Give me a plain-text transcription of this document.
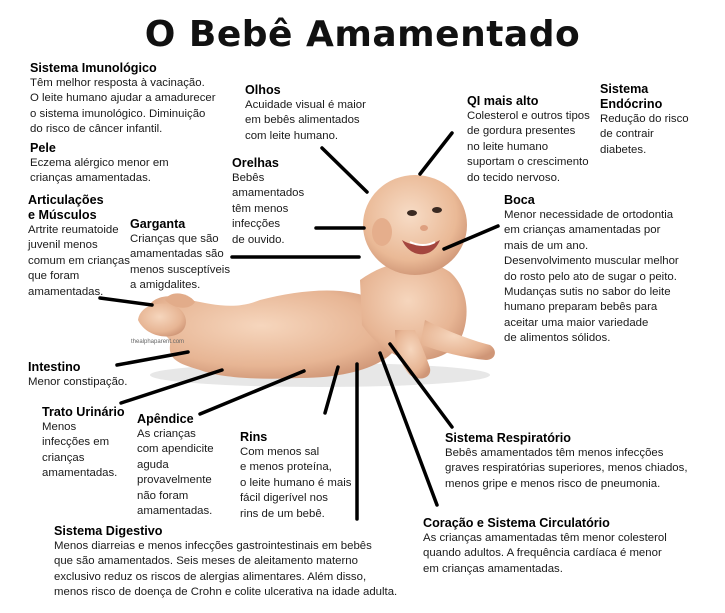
O Bebê Amamentado
thealphaparent.com
Sistema Imunológico
Têm melhor resposta à vacinação.
O leite humano ajudar a amadurecer
o sistema imunológico. Diminuição
do risco de câncer infantil.
Pele
Eczema alérgico menor em
crianças amamentadas.
Articulações
e Músculos
Artrite reumatoide
juvenil menos
comum em crianças
que foram
amamentadas.
Garganta
Crianças que são
amamentadas são
menos susceptíveis
a amigdalites.
Olhos
Acuidade visual é maior
em bebês alimentados
com leite humano.
Orelhas
Bebês
amamentados
têm menos
infecções
de ouvido.
QI mais alto
Colesterol e outros tipos
de gordura presentes
no leite humano
suportam o crescimento
do tecido nervoso.
Sistema
Endócrino
Redução do risco
de contrair
diabetes.
Boca
Menor necessidade de ortodontia
em crianças amamentadas por
mais de um ano.
Desenvolvimento muscular melhor
do rosto pelo ato de sugar o peito.
Mudanças sutis no sabor do leite
humano preparam bebês para
aceitar uma maior variedade
de alimentos sólidos.
Intestino
Menor constipação.
Trato Urinário
Menos
infecções em
crianças
amamentadas.
Apêndice
As crianças
com apendicite
aguda
provavelmente
não foram
amamentadas.
Rins
Com menos sal
e menos proteína,
o leite humano é mais
fácil digerível nos
rins de um bebê.
Sistema Respiratório
Bebês amamentados têm menos infecções
graves respiratórias superiores, menos chiados,
menos gripe e menos risco de pneumonia.
Coração e Sistema Circulatório
As crianças amamentadas têm menor colesterol
quando adultos. A frequência cardíaca é menor
em crianças amamentadas.
Sistema Digestivo
Menos diarreias e menos infecções gastrointestinais em bebês
que são amamentados. Seis meses de aleitamento materno
exclusivo reduz os riscos de alergias alimentares. Além disso,
menos risco de doença de Crohn e colite ulcerativa na idade adulta.
